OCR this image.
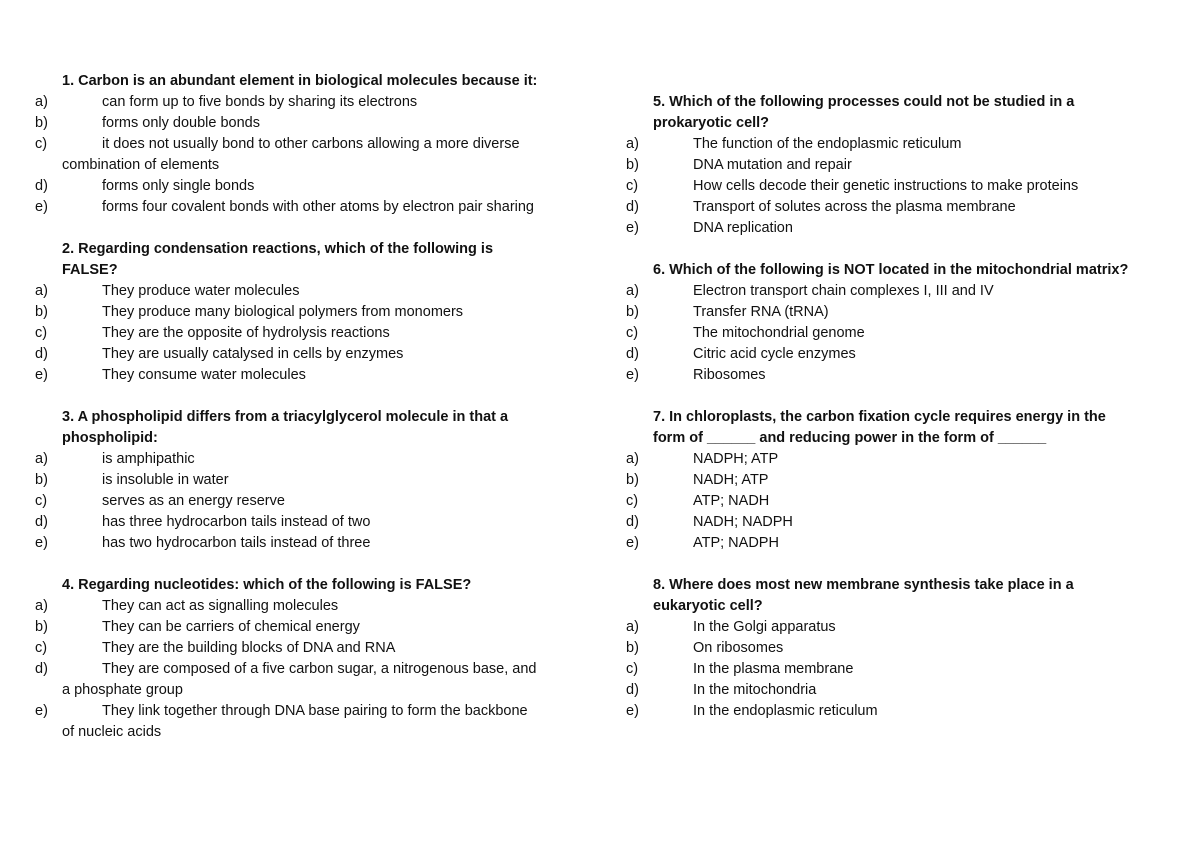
1. Carbon is an abundant element in biological molecules because it:
a)	can form up to five bonds by sharing its electrons
b)	forms only double bonds
c)	it does not usually bond to other carbons allowing a more diverse combination of elements
d)	forms only single bonds
e)	forms four covalent bonds with other atoms by electron pair sharing
2. Regarding condensation reactions, which of the following is FALSE?
a)	They produce water molecules
b)	They produce many biological polymers from monomers
c)	They are the opposite of hydrolysis reactions
d)	They are usually catalysed in cells by enzymes
e)	They consume water molecules
3. A phospholipid differs from a triacylglycerol molecule in that a phospholipid:
a)	is amphipathic
b)	is insoluble in water
c)	serves as an energy reserve
d)	has three hydrocarbon tails instead of two
e)	has two hydrocarbon tails instead of three
4. Regarding nucleotides: which of the following is FALSE?
a)	They can act as signalling molecules
b)	They can be carriers of chemical energy
c)	They are the building blocks of DNA and RNA
d)	They are composed of a five carbon sugar, a nitrogenous base, and a phosphate group
e)	They link together through DNA base pairing to form the backbone of nucleic acids
5. Which of the following processes could not be studied in a prokaryotic cell?
a)	The function of the endoplasmic reticulum
b)	DNA mutation and repair
c)	How cells decode their genetic instructions to make proteins
d)	Transport of solutes across the plasma membrane
e)	DNA replication
6. Which of the following is NOT located in the mitochondrial matrix?
a)	Electron transport chain complexes I, III and IV
b)	Transfer RNA (tRNA)
c)	The mitochondrial genome
d)	Citric acid cycle enzymes
e)	Ribosomes
7. In chloroplasts, the carbon fixation cycle requires energy in the form of ______ and reducing power in the form of ______
a)	NADPH; ATP
b)	NADH; ATP
c)	ATP; NADH
d)	NADH; NADPH
e)	ATP; NADPH
8. Where does most new membrane synthesis take place in a eukaryotic cell?
a)	In the Golgi apparatus
b)	On ribosomes
c)	In the plasma membrane
d)	In the mitochondria
e)	In the endoplasmic reticulum
